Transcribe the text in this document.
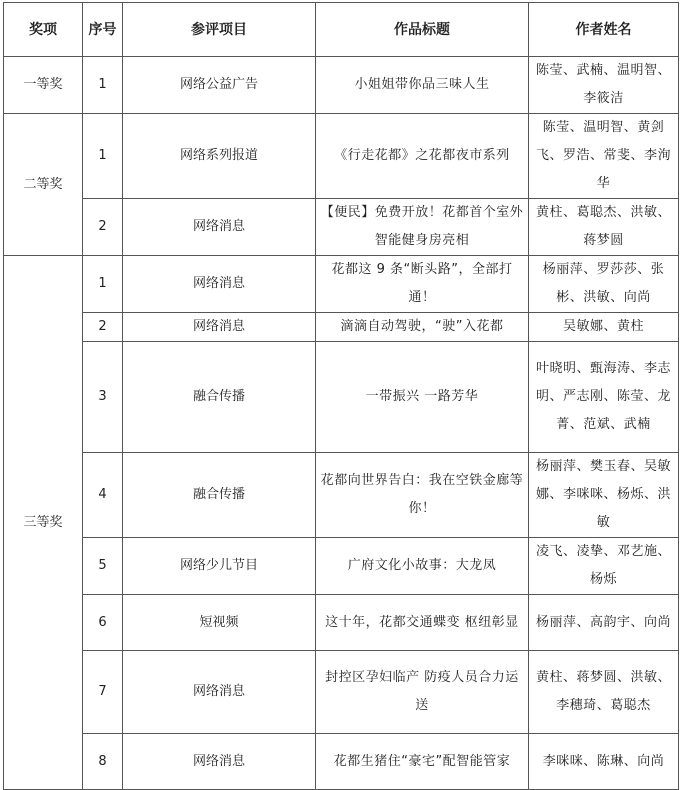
奖项	序号	参评项目	作品标题	作者姓名
一等奖	1	网络公益广告	小姐姐带你品三味人生	陈莹、武楠、温明智、李筱洁
二等奖	1	网络系列报道	《行走花都》之花都夜市系列	陈莹、温明智、黄剑飞、罗浩、常斐、李洵华
	2	网络消息	【便民】免费开放！花都首个室外智能健身房亮相	黄柱、葛聪杰、洪敏、蒋梦圆
三等奖	1	网络消息	花都这 9 条“断头路”，全部打通！	杨丽萍、罗莎莎、张彬、洪敏、向尚
	2	网络消息	滴滴自动驾驶，“驶”入花都	吴敏娜、黄柱
	3	融合传播	一带振兴 一路芳华	叶晓明、甄海涛、李志明、严志刚、陈莹、龙菁、范斌、武楠
	4	融合传播	花都向世界告白：我在空铁金廊等你！	杨丽萍、樊玉春、吴敏娜、李咪咪、杨烁、洪敏
	5	网络少儿节目	广府文化小故事：大龙凤	凌飞、凌挚、邓艺施、杨烁
	6	短视频	这十年，花都交通蝶变 枢纽彰显	杨丽萍、高韵宇、向尚
	7	网络消息	封控区孕妇临产 防疫人员合力运送	黄柱、蒋梦圆、洪敏、李穗琦、葛聪杰
	8	网络消息	花都生猪住“豪宅”配智能管家	李咪咪、陈琳、向尚
